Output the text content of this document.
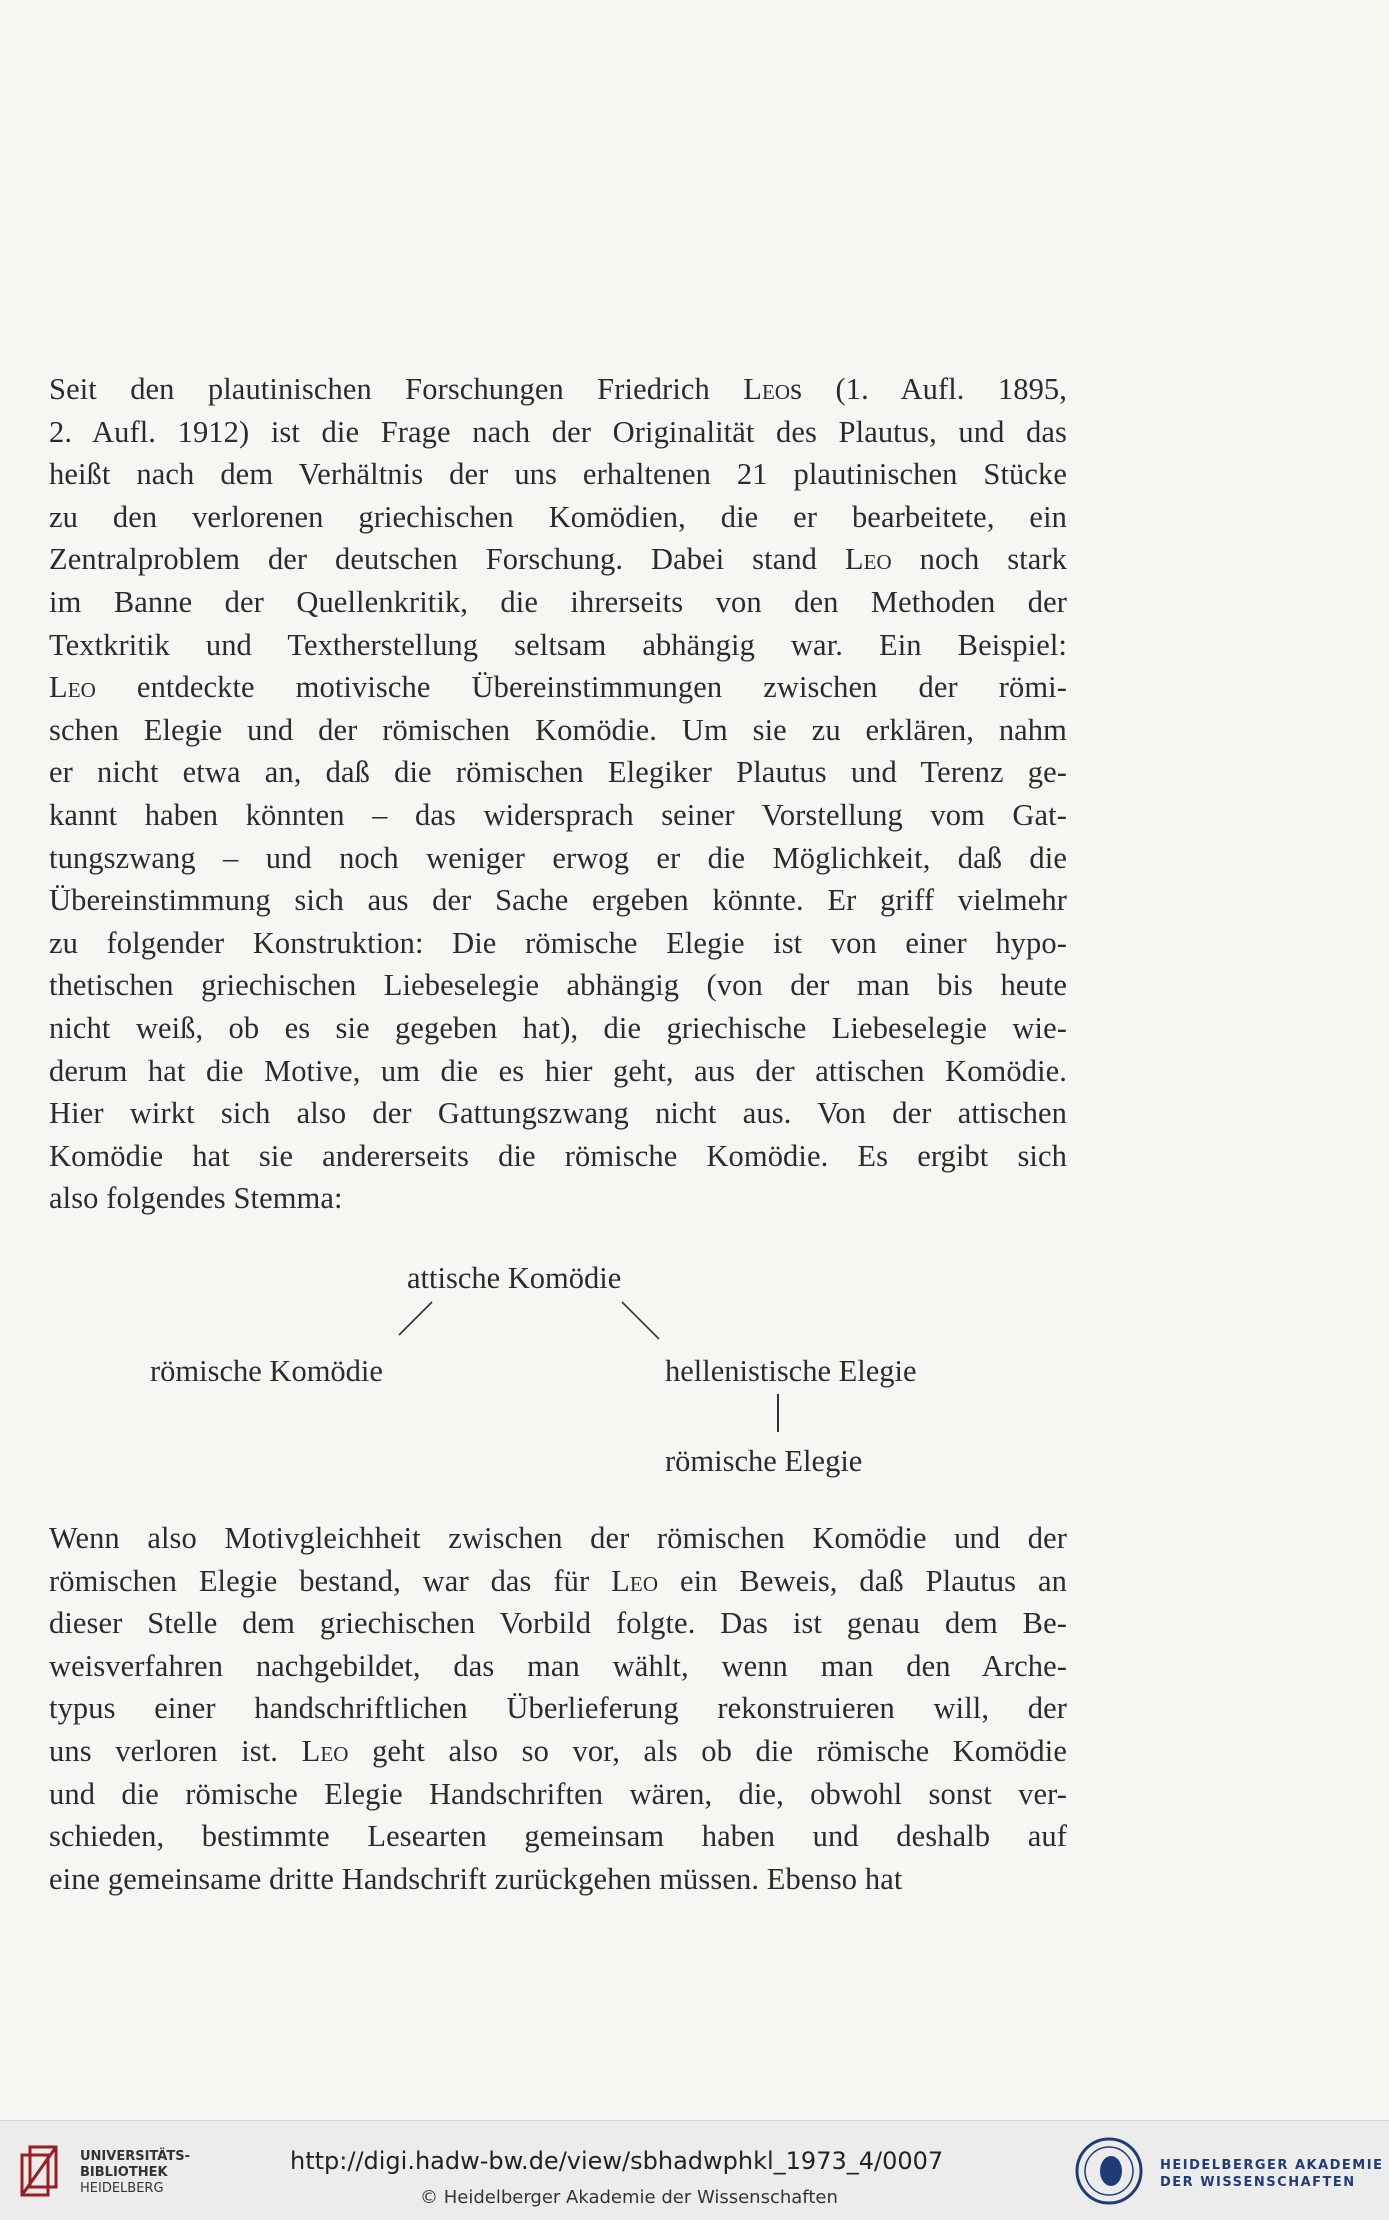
Seit den plautinischen Forschungen Friedrich Leos (1. Aufl. 1895,
2. Aufl. 1912) ist die Frage nach der Originalität des Plautus, und das
heißt nach dem Verhältnis der uns erhaltenen 21 plautinischen Stücke
zu den verlorenen griechischen Komödien, die er bearbeitete, ein
Zentralproblem der deutschen Forschung. Dabei stand Leo noch stark
im Banne der Quellenkritik, die ihrerseits von den Methoden der
Textkritik und Textherstellung seltsam abhängig war. Ein Beispiel:
Leo entdeckte motivische Übereinstimmungen zwischen der römi-
schen Elegie und der römischen Komödie. Um sie zu erklären, nahm
er nicht etwa an, daß die römischen Elegiker Plautus und Terenz ge-
kannt haben könnten – das widersprach seiner Vorstellung vom Gat-
tungszwang – und noch weniger erwog er die Möglichkeit, daß die
Übereinstimmung sich aus der Sache ergeben könnte. Er griff vielmehr
zu folgender Konstruktion: Die römische Elegie ist von einer hypo-
thetischen griechischen Liebeselegie abhängig (von der man bis heute
nicht weiß, ob es sie gegeben hat), die griechische Liebeselegie wie-
derum hat die Motive, um die es hier geht, aus der attischen Komödie.
Hier wirkt sich also der Gattungszwang nicht aus. Von der attischen
Komödie hat sie andererseits die römische Komödie. Es ergibt sich
also folgendes Stemma:
attische Komödie
römische Komödie	hellenistische Elegie
römische Elegie
Wenn also Motivgleichheit zwischen der römischen Komödie und der
römischen Elegie bestand, war das für Leo ein Beweis, daß Plautus an
dieser Stelle dem griechischen Vorbild folgte. Das ist genau dem Be-
weisverfahren nachgebildet, das man wählt, wenn man den Arche-
typus einer handschriftlichen Überlieferung rekonstruieren will, der
uns verloren ist. Leo geht also so vor, als ob die römische Komödie
und die römische Elegie Handschriften wären, die, obwohl sonst ver-
schieden, bestimmte Lesearten gemeinsam haben und deshalb auf
eine gemeinsame dritte Handschrift zurückgehen müssen. Ebenso hat
UNIVERSITÄTS-
BIBLIOTHEK
HEIDELBERG
http://digi.hadw-bw.de/view/sbhadwphkl_1973_4/0007
© Heidelberger Akademie der Wissenschaften
HEIDELBERGER AKADEMIE
DER WISSENSCHAFTEN
